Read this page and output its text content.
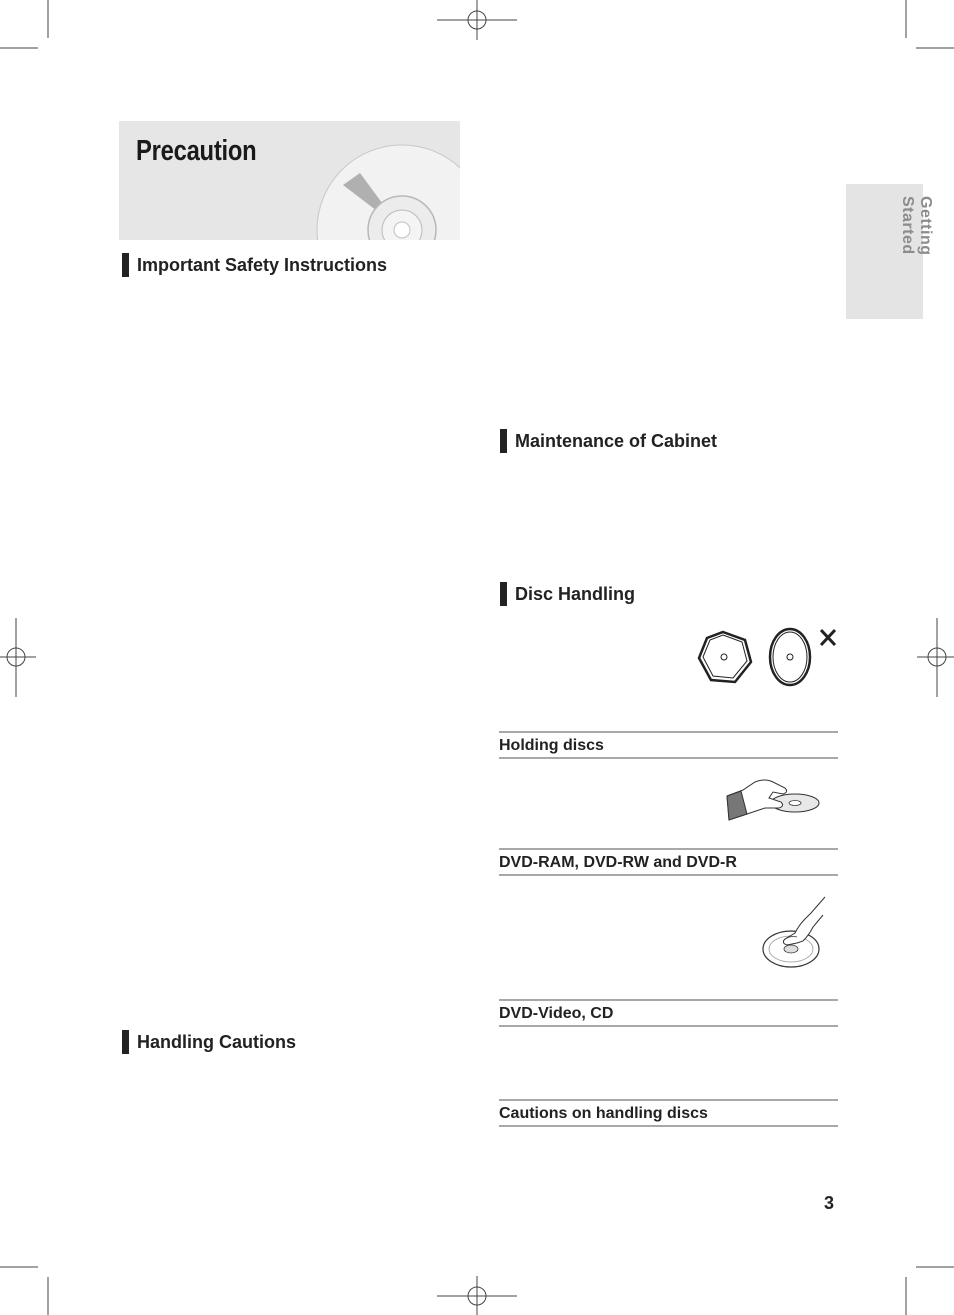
Precaution
Getting Started
Important Safety Instructions
Handling Cautions
Maintenance of Cabinet
Disc Handling
Holding discs
DVD-RAM, DVD-RW and DVD-R
DVD-Video, CD
Cautions on handling discs
3
